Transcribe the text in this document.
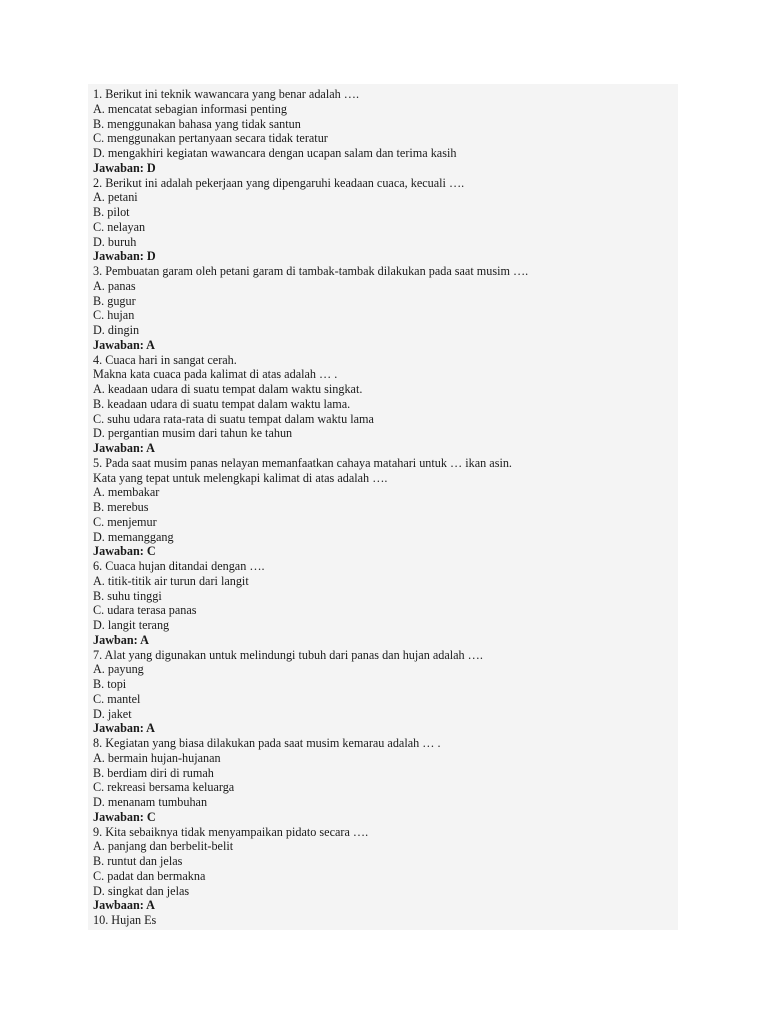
1. Berikut ini teknik wawancara yang benar adalah ….
A. mencatat sebagian informasi penting
B. menggunakan bahasa yang tidak santun
C. menggunakan pertanyaan secara tidak teratur
D. mengakhiri kegiatan wawancara dengan ucapan salam dan terima kasih
Jawaban: D
2. Berikut ini adalah pekerjaan yang dipengaruhi keadaan cuaca, kecuali ….
A. petani
B. pilot
C. nelayan
D. buruh
Jawaban: D
3. Pembuatan garam oleh petani garam di tambak-tambak dilakukan pada saat musim ….
A. panas
B. gugur
C. hujan
D. dingin
Jawaban: A
4. Cuaca hari in sangat cerah.
Makna kata cuaca pada kalimat di atas adalah … .
A. keadaan udara di suatu tempat dalam waktu singkat.
B. keadaan udara di suatu tempat dalam waktu lama.
C. suhu udara rata-rata di suatu tempat dalam waktu lama
D. pergantian musim dari tahun ke tahun
Jawaban: A
5. Pada saat musim panas nelayan memanfaatkan cahaya matahari untuk … ikan asin.
Kata yang tepat untuk melengkapi kalimat di atas adalah ….
A. membakar
B. merebus
C. menjemur
D. memanggang
Jawaban: C
6. Cuaca hujan ditandai dengan ….
A. titik-titik air turun dari langit
B. suhu tinggi
C. udara terasa panas
D. langit terang
Jawban: A
7. Alat yang digunakan untuk melindungi tubuh dari panas dan hujan adalah ….
A. payung
B. topi
C. mantel
D. jaket
Jawaban: A
8. Kegiatan yang biasa dilakukan pada saat musim kemarau adalah … .
A. bermain hujan-hujanan
B. berdiam diri di rumah
C. rekreasi bersama keluarga
D. menanam tumbuhan
Jawaban: C
9. Kita sebaiknya tidak menyampaikan pidato secara ….
A. panjang dan berbelit-belit
B. runtut dan jelas
C. padat dan bermakna
D. singkat dan jelas
Jawbaan: A
10. Hujan Es
